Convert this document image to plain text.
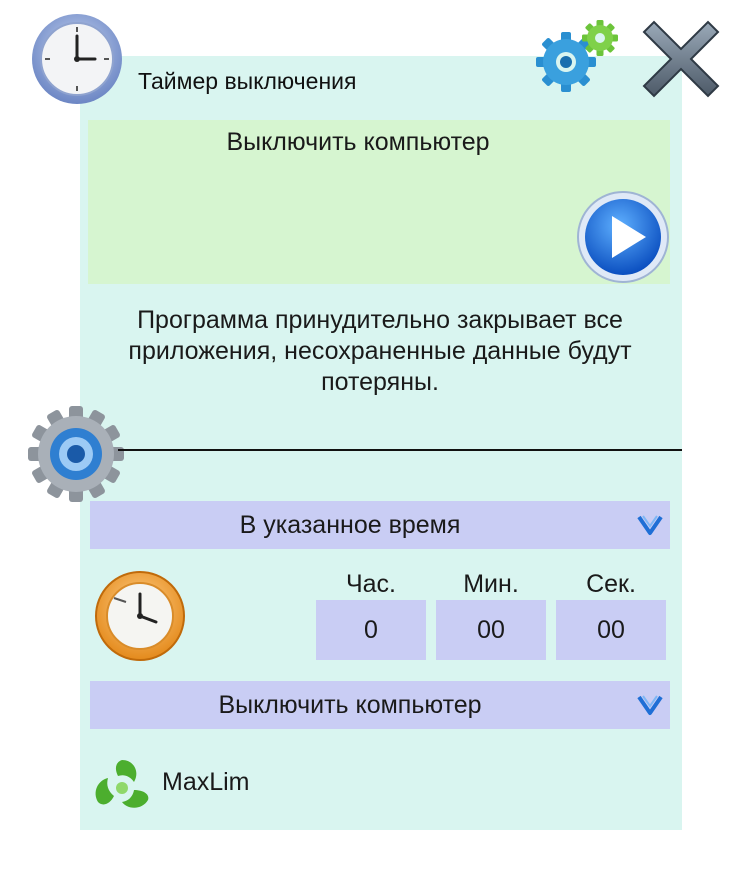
Таймер выключения
Выключить компьютер
Программа принудительно закрывает все приложения, несохраненные данные будут потеряны.
В указанное время
Час.	Мин.	Сек.
0	00	00
Выключить компьютер
MaxLim
